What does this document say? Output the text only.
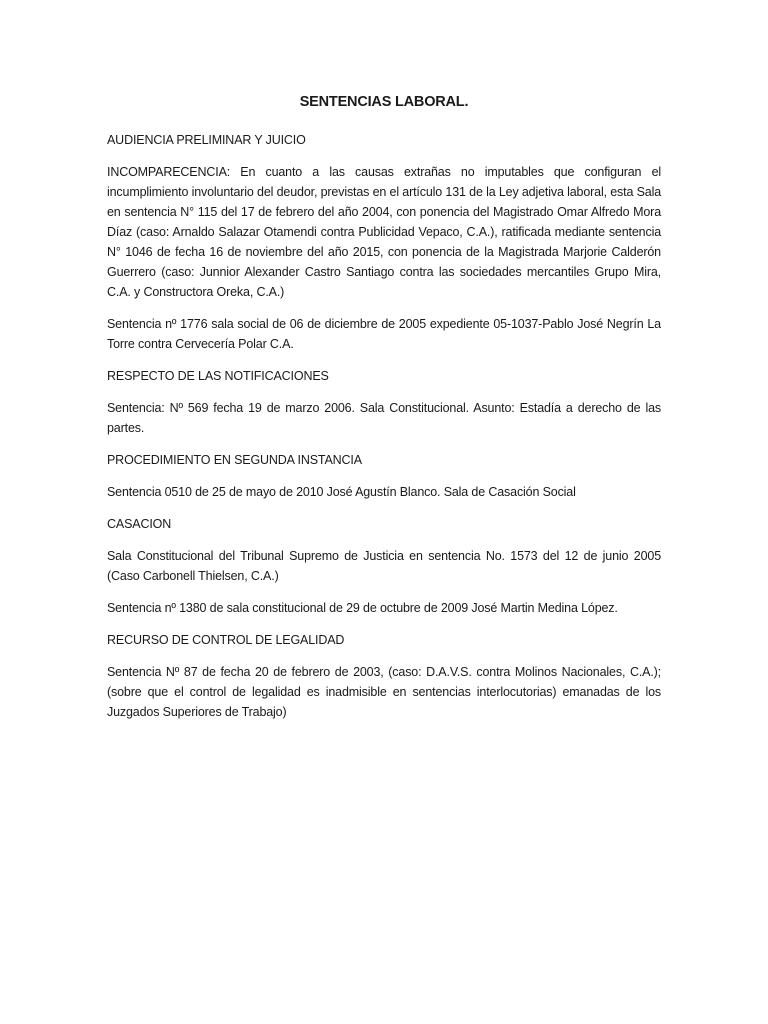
SENTENCIAS LABORAL.

AUDIENCIA PRELIMINAR Y JUICIO

INCOMPARECENCIA: En cuanto a las causas extrañas no imputables que configuran el incumplimiento involuntario del deudor, previstas en el artículo 131 de la Ley adjetiva laboral, esta Sala en sentencia N° 115 del 17 de febrero del año 2004, con ponencia del Magistrado Omar Alfredo Mora Díaz (caso: Arnaldo Salazar Otamendi contra Publicidad Vepaco, C.A.), ratificada mediante sentencia N° 1046 de fecha 16 de noviembre del año 2015, con ponencia de la Magistrada Marjorie Calderón Guerrero (caso: Junnior Alexander Castro Santiago contra las sociedades mercantiles Grupo Mira, C.A. y Constructora Oreka, C.A.)

Sentencia nº 1776 sala social de 06 de diciembre de 2005 expediente 05-1037-Pablo José Negrín La Torre contra Cervecería Polar C.A.

RESPECTO DE LAS NOTIFICACIONES

Sentencia: Nº 569 fecha 19 de marzo 2006. Sala Constitucional. Asunto: Estadía a derecho de las partes.

PROCEDIMIENTO EN SEGUNDA INSTANCIA

Sentencia 0510 de 25 de mayo de 2010 José Agustín Blanco. Sala de Casación Social

CASACION

Sala Constitucional del Tribunal Supremo de Justicia en sentencia No. 1573 del 12 de junio 2005 (Caso Carbonell Thielsen, C.A.)

Sentencia nº 1380 de sala constitucional de 29 de octubre de 2009 José Martin Medina López.

RECURSO DE CONTROL DE LEGALIDAD

Sentencia Nº 87 de fecha 20 de febrero de 2003, (caso: D.A.V.S. contra Molinos Nacionales, C.A.); (sobre que el control de legalidad es inadmisible en sentencias interlocutorias) emanadas de los Juzgados Superiores de Trabajo)
